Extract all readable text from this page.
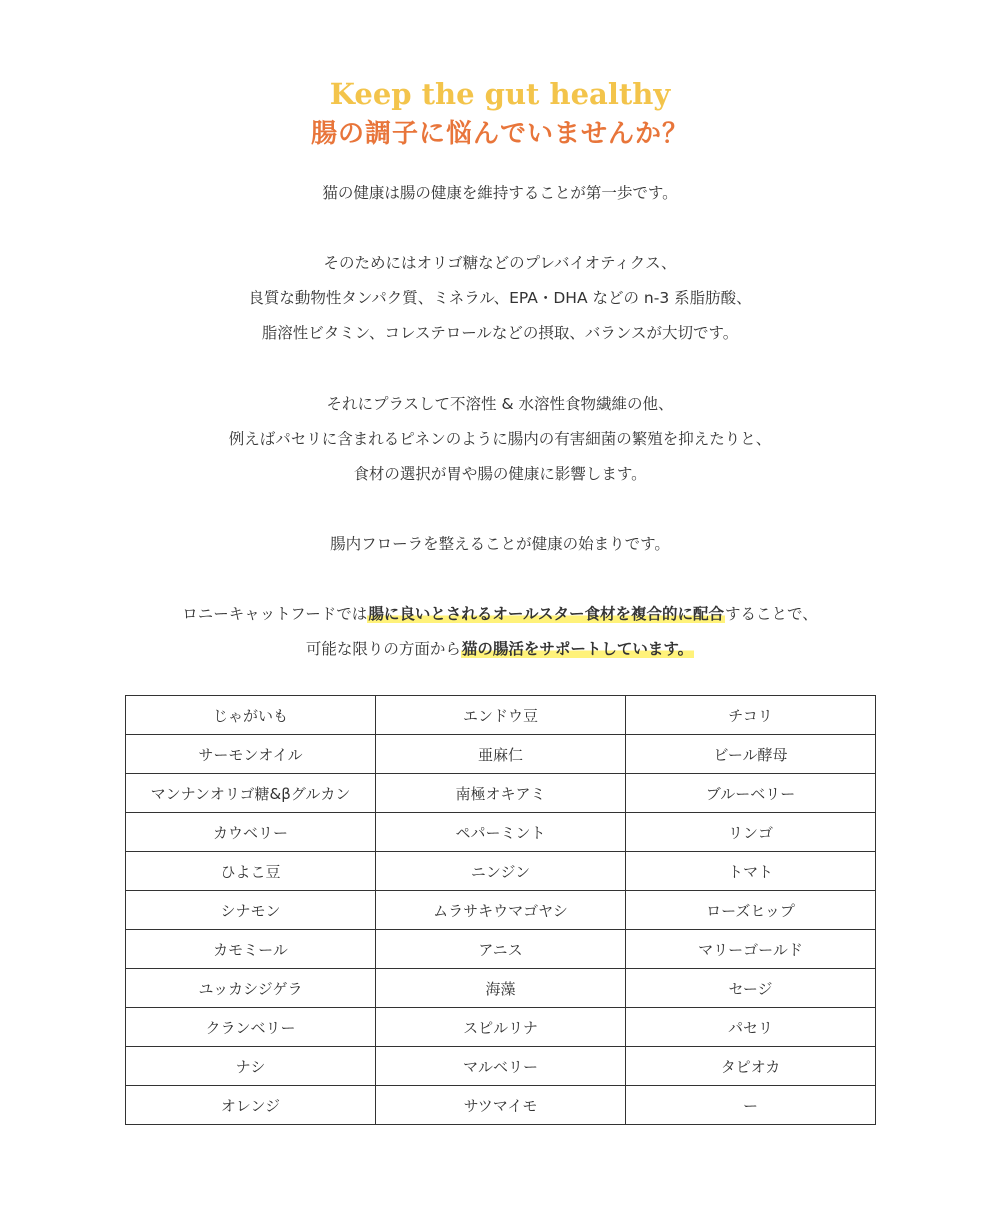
Keep the gut healthy
腸の調子に悩んでいませんか？
猫の健康は腸の健康を維持することが第一歩です。
そのためにはオリゴ糖などのプレバイオティクス、
良質な動物性タンパク質、ミネラル、EPA・DHA などの n-3 系脂肪酸、
脂溶性ビタミン、コレステロールなどの摂取、バランスが大切です。
それにプラスして不溶性 & 水溶性食物繊維の他、
例えばパセリに含まれるピネンのように腸内の有害細菌の繁殖を抑えたりと、
食材の選択が胃や腸の健康に影響します。
腸内フローラを整えることが健康の始まりです。
ロニーキャットフードでは腸に良いとされるオールスター食材を複合的に配合することで、
可能な限りの方面から猫の腸活をサポートしています。
じゃがいも	エンドウ豆	チコリ
サーモンオイル	亜麻仁	ビール酵母
マンナンオリゴ糖&βグルカン	南極オキアミ	ブルーベリー
カウベリー	ペパーミント	リンゴ
ひよこ豆	ニンジン	トマト
シナモン	ムラサキウマゴヤシ	ローズヒップ
カモミール	アニス	マリーゴールド
ユッカシジゲラ	海藻	セージ
クランベリー	スピルリナ	パセリ
ナシ	マルベリー	タピオカ
オレンジ	サツマイモ	ー
